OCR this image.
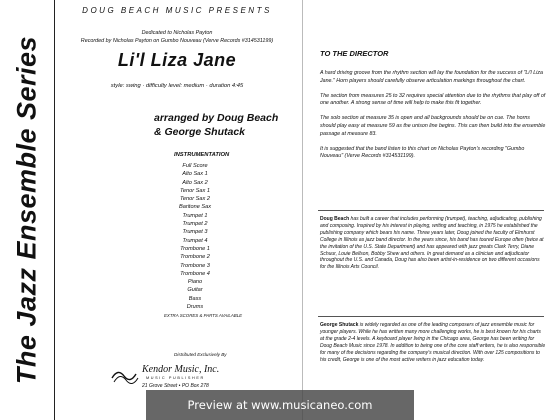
The Jazz Ensemble Series
DOUG BEACH MUSIC PRESENTS
Dedicated to Nicholas Payton
Recorded by Nicholas Payton on Gumbo Nouveau (Verve Records #314531199)
Li'l Liza Jane
style: swing · difficulty level: medium · duration 4:45
arranged by Doug Beach
& George Shutack
INSTRUMENTATION
Full Score
Alto Sax 1
Alto Sax 2
Tenor Sax 1
Tenor Sax 2
Baritone Sax
Trumpet 1
Trumpet 2
Trumpet 3
Trumpet 4
Trombone 1
Trombone 2
Trombone 3
Trombone 4
Piano
Guitar
Bass
Drums
EXTRA SCORES & PARTS AVAILABLE
Distributed Exclusively By
Kendor Music, Inc.
MUSIC PUBLISHER
21 Grove Street • PO Box 278
TO THE DIRECTOR

A hard driving groove from the rhythm section will lay the foundation for the success of "Li'l Liza Jane." Horn players should carefully observe articulation markings throughout the chart.

The section from measures 25 to 32 requires special attention due to the rhythms that play off of one another. A strong sense of time will help to make this fit together.

The solo section at measure 35 is open and all backgrounds should be on cue. The horns should play easy at measure 59 as the unison line begins. This can then build into the ensemble passage at measure 83.

It is suggested that the band listen to this chart on Nicholas Payton's recording "Gumbo Nouveau" (Verve Records #314531199).

Doug Beach has built a career that includes performing (trumpet), teaching, adjudicating, publishing and composing. Inspired by his interest in playing, writing and teaching, in 1975 he established the publishing company which bears his name. Three years later, Doug joined the faculty of Elmhurst College in Illinois as jazz band director. In the years since, his band has toured Europe often (twice at the invitation of the U.S. State Department) and has appeared with jazz greats Clark Terry, Diane Schuur, Louie Bellson, Bobby Shew and others. In great demand as a clinician and adjudicator throughout the U.S. and Canada, Doug has also been artist-in-residence on two different occasions for the Illinois Arts Council.
George Shutack is widely regarded as one of the leading composers of jazz ensemble music for younger players. While he has written many more challenging works, he is best known for his charts at the grade 2-4 levels. A keyboard player living in the Chicago area, George has been writing for Doug Beach Music since 1978. In addition to being one of the core staff writers, he is also responsible for many of the decisions regarding the company's musical direction. With over 125 compositions to his credit, George is one of the most active writers in jazz education today.
Preview at www.musicaneo.com
